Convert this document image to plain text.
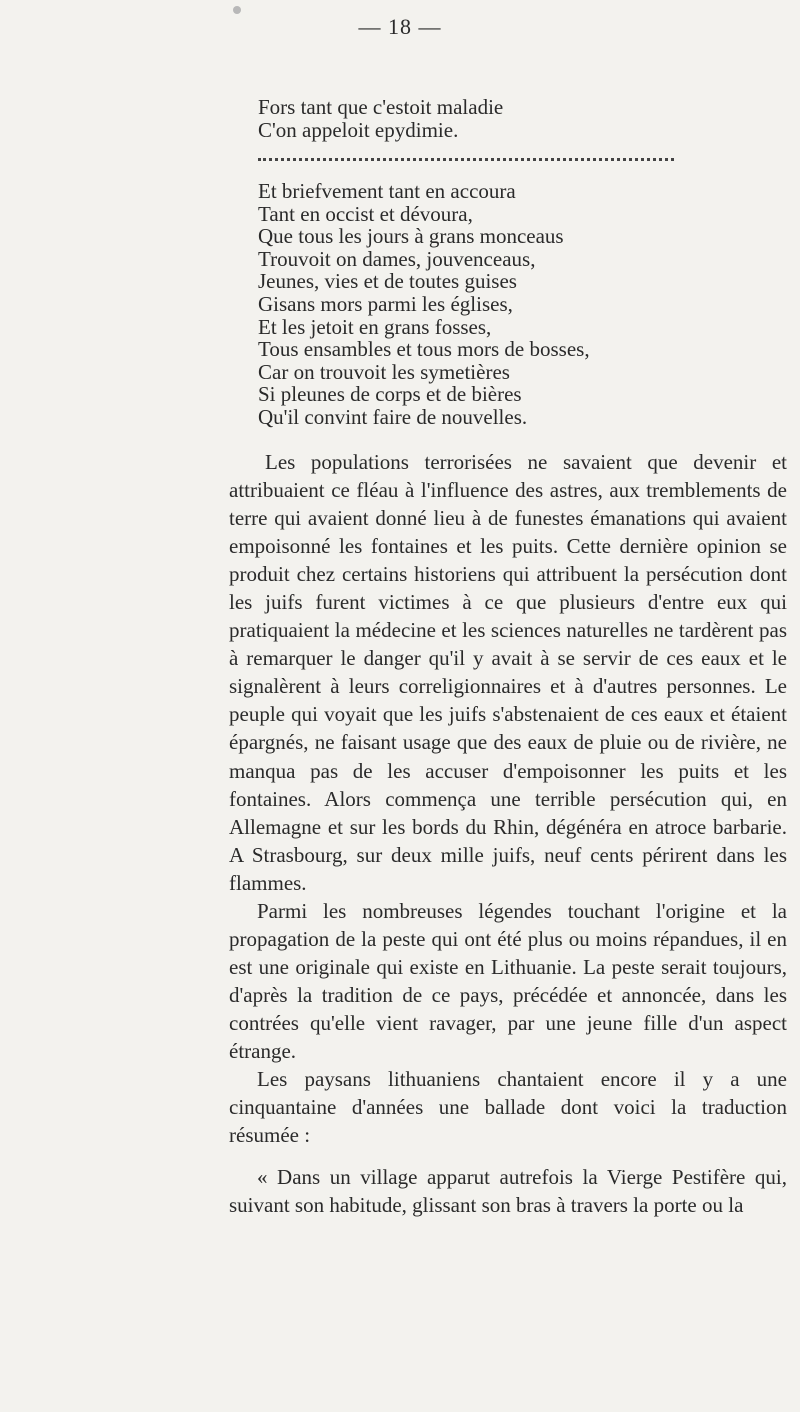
— 18 —
Fors tant que c'estoit maladie
C'on appeloit epydimie.
Et briefvement tant en accoura
Tant en occist et dévoura,
Que tous les jours à grans monceaus
Trouvoit on dames, jouvenceaus,
Jeunes, vies et de toutes guises
Gisans mors parmi les églises,
Et les jetoit en grans fosses,
Tous ensambles et tous mors de bosses,
Car on trouvoit les symetières
Si pleunes de corps et de bières
Qu'il convint faire de nouvelles.

Les populations terrorisées ne savaient que devenir et attribuaient ce fléau à l'influence des astres, aux tremblements de terre qui avaient donné lieu à de funestes émanations qui avaient empoisonné les fontaines et les puits. Cette dernière opinion se produit chez certains historiens qui attribuent la persécution dont les juifs furent victimes à ce que plusieurs d'entre eux qui pratiquaient la médecine et les sciences naturelles ne tardèrent pas à remarquer le danger qu'il y avait à se servir de ces eaux et le signalèrent à leurs correligionnaires et à d'autres personnes. Le peuple qui voyait que les juifs s'abstenaient de ces eaux et étaient épargnés, ne faisant usage que des eaux de pluie ou de rivière, ne manqua pas de les accuser d'empoisonner les puits et les fontaines. Alors commença une terrible persécution qui, en Allemagne et sur les bords du Rhin, dégénéra en atroce barbarie. A Strasbourg, sur deux mille juifs, neuf cents périrent dans les flammes.

Parmi les nombreuses légendes touchant l'origine et la propagation de la peste qui ont été plus ou moins répandues, il en est une originale qui existe en Lithuanie. La peste serait toujours, d'après la tradition de ce pays, précédée et annoncée, dans les contrées qu'elle vient ravager, par une jeune fille d'un aspect étrange.

Les paysans lithuaniens chantaient encore il y a une cinquantaine d'années une ballade dont voici la traduction résumée :

« Dans un village apparut autrefois la Vierge Pestifère qui, suivant son habitude, glissant son bras à travers la porte ou la
